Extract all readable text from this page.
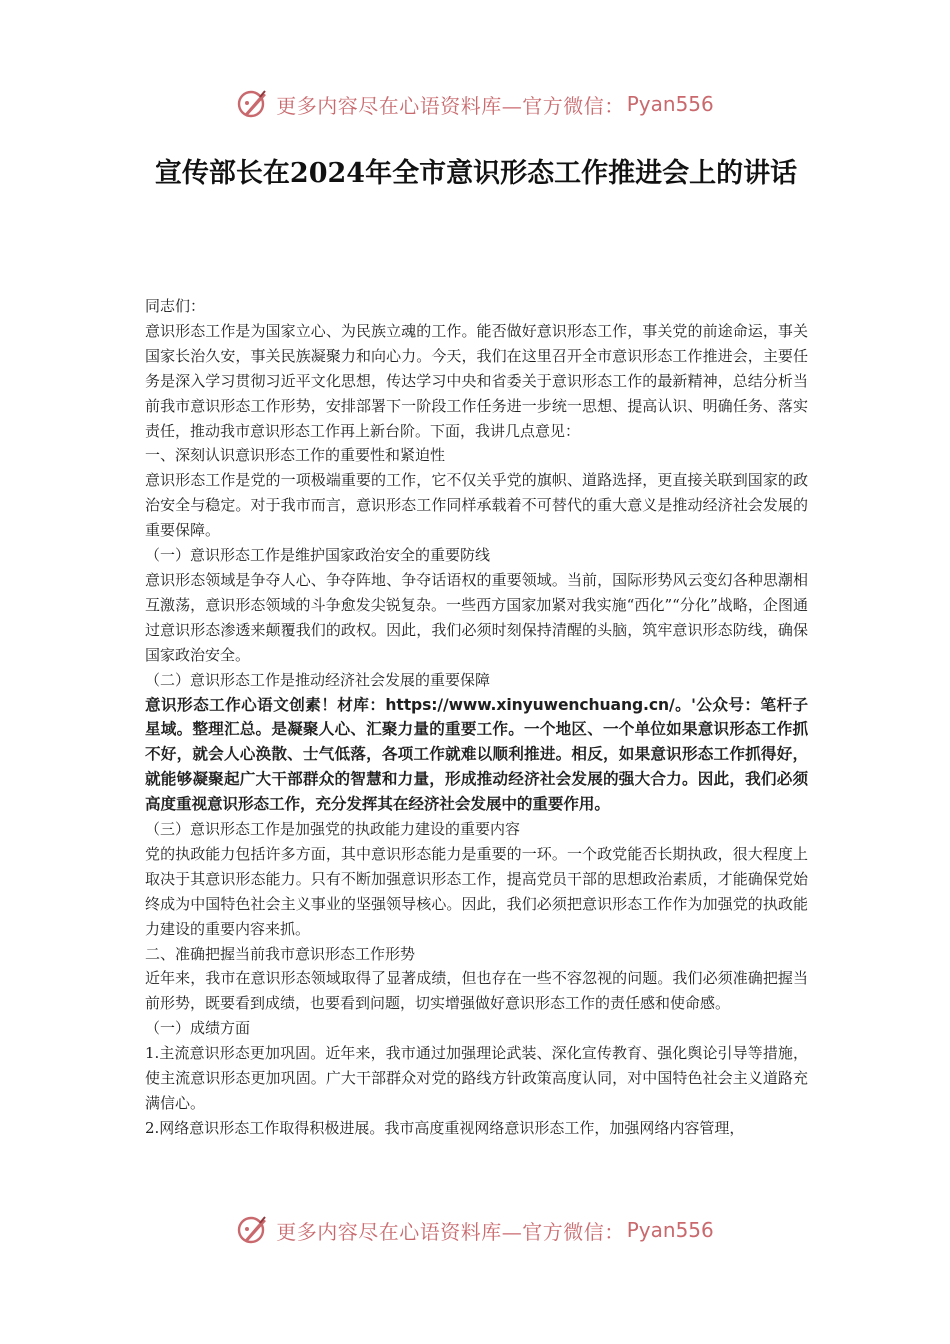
更多内容尽在心语资料库—官方微信： Pyan556
宣传部长在2024年全市意识形态工作推进会上的讲话

同志们：

意识形态工作是为国家立心、为民族立魂的工作。能否做好意识形态工作，事关党的前途命运，事关国家长治久安，事关民族凝聚力和向心力。今天，我们在这里召开全市意识形态工作推进会，主要任务是深入学习贯彻习近平文化思想，传达学习中央和省委关于意识形态工作的最新精神，总结分析当前我市意识形态工作形势，安排部署下一阶段工作任务进一步统一思想、提高认识、明确任务、落实责任，推动我市意识形态工作再上新台阶。下面，我讲几点意见：

一、深刻认识意识形态工作的重要性和紧迫性

意识形态工作是党的一项极端重要的工作，它不仅关乎党的旗帜、道路选择，更直接关联到国家的政治安全与稳定。对于我市而言，意识形态工作同样承载着不可替代的重大意义是推动经济社会发展的重要保障。

（一）意识形态工作是维护国家政治安全的重要防线

意识形态领域是争夺人心、争夺阵地、争夺话语权的重要领域。当前，国际形势风云变幻各种思潮相互激荡，意识形态领域的斗争愈发尖锐复杂。一些西方国家加紧对我实施“西化”“分化”战略，企图通过意识形态渗透来颠覆我们的政权。因此，我们必须时刻保持清醒的头脑，筑牢意识形态防线，确保国家政治安全。

（二）意识形态工作是推动经济社会发展的重要保障

意识形态工作心语文创素！材库：https://www.xinyuwenchuang.cn/。'公众号：笔杆子星域。整理汇总。是凝聚人心、汇聚力量的重要工作。一个地区、一个单位如果意识形态工作抓不好，就会人心涣散、士气低落，各项工作就难以顺利推进。相反，如果意识形态工作抓得好，就能够凝聚起广大干部群众的智慧和力量，形成推动经济社会发展的强大合力。因此，我们必须高度重视意识形态工作，充分发挥其在经济社会发展中的重要作用。

（三）意识形态工作是加强党的执政能力建设的重要内容

党的执政能力包括许多方面，其中意识形态能力是重要的一环。一个政党能否长期执政，很大程度上取决于其意识形态能力。只有不断加强意识形态工作，提高党员干部的思想政治素质，才能确保党始终成为中国特色社会主义事业的坚强领导核心。因此，我们必须把意识形态工作作为加强党的执政能力建设的重要内容来抓。

二、准确把握当前我市意识形态工作形势

近年来，我市在意识形态领域取得了显著成绩，但也存在一些不容忽视的问题。我们必须准确把握当前形势，既要看到成绩，也要看到问题，切实增强做好意识形态工作的责任感和使命感。

（一）成绩方面

1.主流意识形态更加巩固。近年来，我市通过加强理论武装、深化宣传教育、强化舆论引导等措施，使主流意识形态更加巩固。广大干部群众对党的路线方针政策高度认同，对中国特色社会主义道路充满信心。

2.网络意识形态工作取得积极进展。我市高度重视网络意识形态工作，加强网络内容管理，

更多内容尽在心语资料库—官方微信： Pyan556
